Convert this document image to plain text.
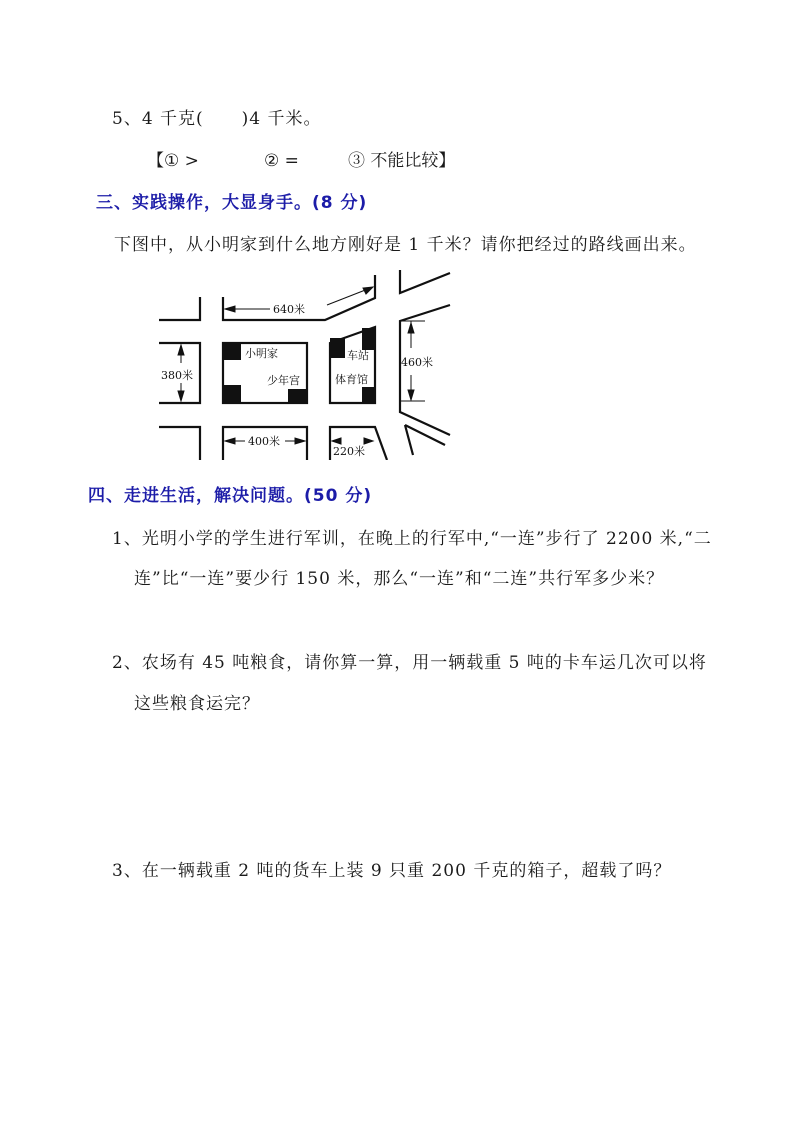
5、4 千克( )4 千米。
【① >	② =	③ 不能比较】
三、实践操作，大显身手。(8 分)
下图中，从小明家到什么地方刚好是 1 千米？请你把经过的路线画出来。
640米
380米
400米
220米
460米
小明家
少年宫
车站
体育馆
四、走进生活，解决问题。(50 分)
1、光明小学的学生进行军训，在晚上的行军中,“一连”步行了 2200 米,“二
连”比“一连”要少行 150 米，那么“一连”和“二连”共行军多少米？
2、农场有 45 吨粮食，请你算一算，用一辆载重 5 吨的卡车运几次可以将
这些粮食运完？
3、在一辆载重 2 吨的货车上装 9 只重 200 千克的箱子，超载了吗？
